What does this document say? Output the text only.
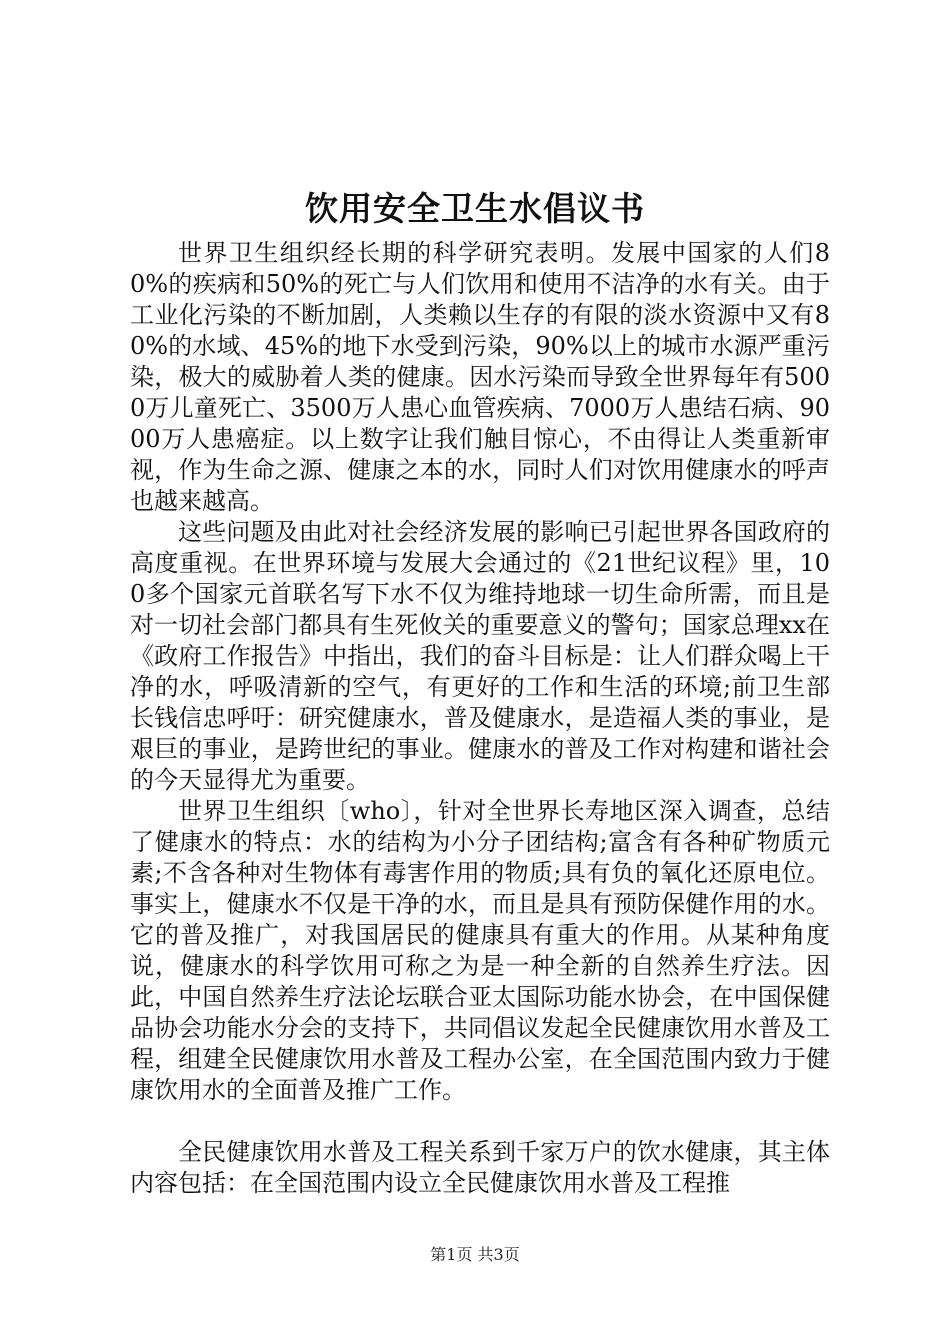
饮用安全卫生水倡议书

世界卫生组织经长期的科学研究表明。发展中国家的人们80%的疾病和50%的死亡与人们饮用和使用不洁净的水有关。由于工业化污染的不断加剧，人类赖以生存的有限的淡水资源中又有80%的水域、45%的地下水受到污染，90%以上的城市水源严重污染，极大的威胁着人类的健康。因水污染而导致全世界每年有5000万儿童死亡、3500万人患心血管疾病、7000万人患结石病、9000万人患癌症。以上数字让我们触目惊心，不由得让人类重新审视，作为生命之源、健康之本的水，同时人们对饮用健康水的呼声也越来越高。

这些问题及由此对社会经济发展的影响已引起世界各国政府的高度重视。在世界环境与发展大会通过的《21世纪议程》里，100多个国家元首联名写下水不仅为维持地球一切生命所需，而且是对一切社会部门都具有生死攸关的重要意义的警句；国家总理xx在《政府工作报告》中指出，我们的奋斗目标是：让人们群众喝上干净的水，呼吸清新的空气，有更好的工作和生活的环境;前卫生部长钱信忠呼吁：研究健康水，普及健康水，是造福人类的事业，是艰巨的事业，是跨世纪的事业。健康水的普及工作对构建和谐社会的今天显得尤为重要。

世界卫生组织〔who〕，针对全世界长寿地区深入调查，总结了健康水的特点：水的结构为小分子团结构;富含有各种矿物质元素;不含各种对生物体有毒害作用的物质;具有负的氧化还原电位。事实上，健康水不仅是干净的水，而且是具有预防保健作用的水。它的普及推广，对我国居民的健康具有重大的作用。从某种角度说，健康水的科学饮用可称之为是一种全新的自然养生疗法。因此，中国自然养生疗法论坛联合亚太国际功能水协会，在中国保健品协会功能水分会的支持下，共同倡议发起全民健康饮用水普及工程，组建全民健康饮用水普及工程办公室，在全国范围内致力于健康饮用水的全面普及推广工作。

全民健康饮用水普及工程关系到千家万户的饮水健康，其主体内容包括：在全国范围内设立全民健康饮用水普及工程推

第1页 共3页
